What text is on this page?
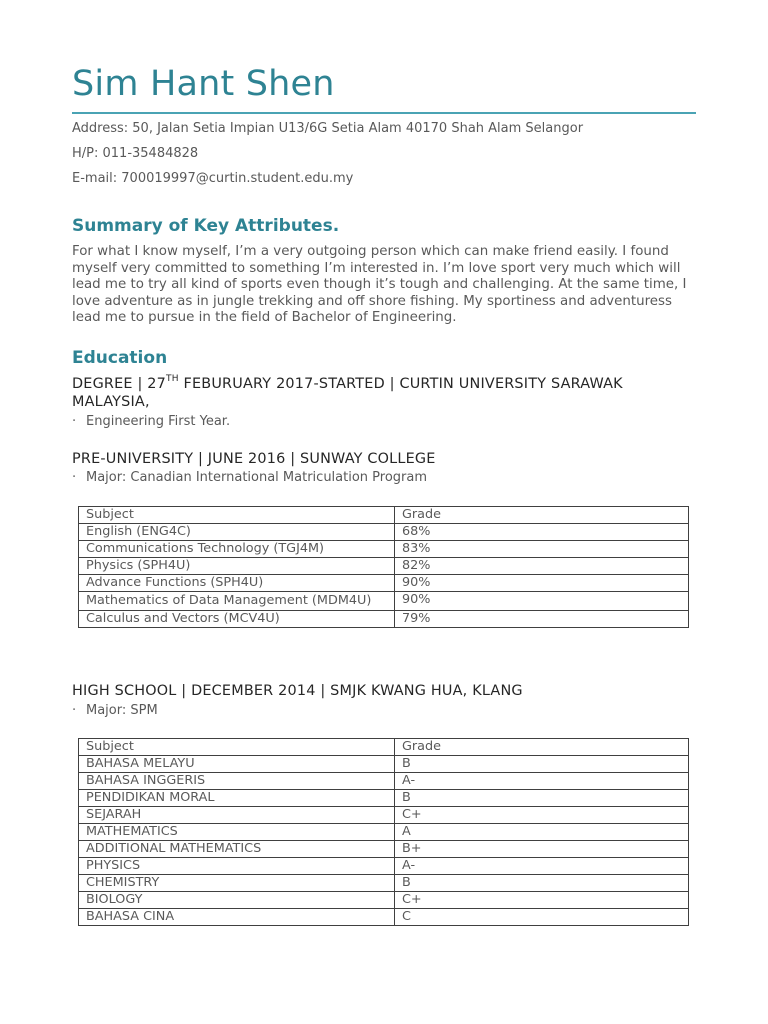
Sim Hant Shen
Address: 50, Jalan Setia Impian U13/6G Setia Alam 40170 Shah Alam Selangor
H/P: 011-35484828
E-mail: 700019997@curtin.student.edu.my
Summary of Key Attributes.
For what I know myself, I’m a very outgoing person which can make friend easily. I found myself very committed to something I’m interested in. I’m love sport very much which will lead me to try all kind of sports even though it’s tough and challenging. At the same time, I love adventure as in jungle trekking and off shore fishing. My sportiness and adventuress lead me to pursue in the field of Bachelor of Engineering.
Education
DEGREE | 27TH FEBURUARY 2017-STARTED | CURTIN UNIVERSITY SARAWAK MALAYSIA,
· Engineering First Year.
PRE-UNIVERSITY | JUNE 2016 | SUNWAY COLLEGE
· Major: Canadian International Matriculation Program
Subject	Grade
English (ENG4C)	68%
Communications Technology (TGJ4M)	83%
Physics (SPH4U)	82%
Advance Functions (SPH4U)	90%
Mathematics of Data Management (MDM4U)	90%
Calculus and Vectors (MCV4U)	79%
HIGH SCHOOL | DECEMBER 2014 | SMJK KWANG HUA, KLANG
· Major: SPM
Subject	Grade
BAHASA MELAYU	B
BAHASA INGGERIS	A-
PENDIDIKAN MORAL	B
SEJARAH	C+
MATHEMATICS	A
ADDITIONAL MATHEMATICS	B+
PHYSICS	A-
CHEMISTRY	B
BIOLOGY	C+
BAHASA CINA	C
